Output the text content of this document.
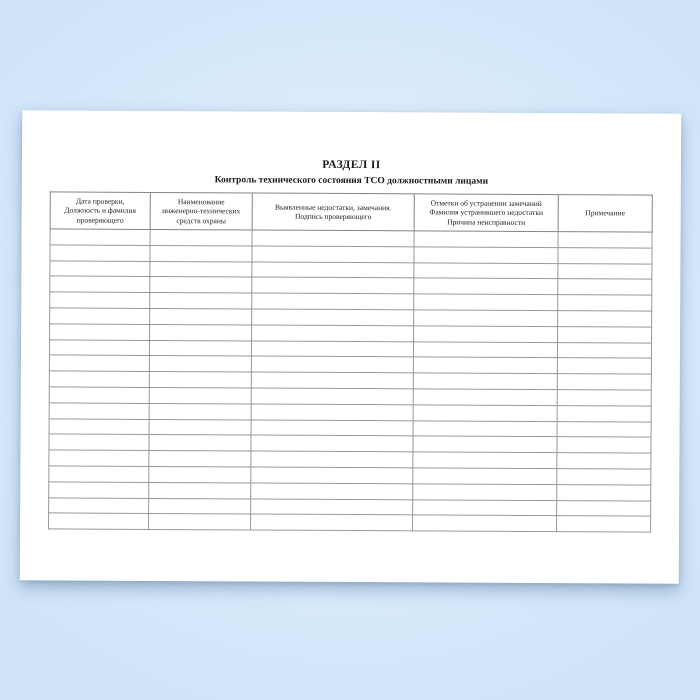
РАЗДЕЛ II
Контроль технического состояния ТСО должностными лицами
Дата проверки,
Должность и фамилия
проверяющего	Наименование
инженерно-технических
средств охраны	Выявленные недостатки, замечания.
Подпись проверяющего	Отметки об устранении замечаний
Фамилия устранившего недостатки
Причина неисправности	Примечание
